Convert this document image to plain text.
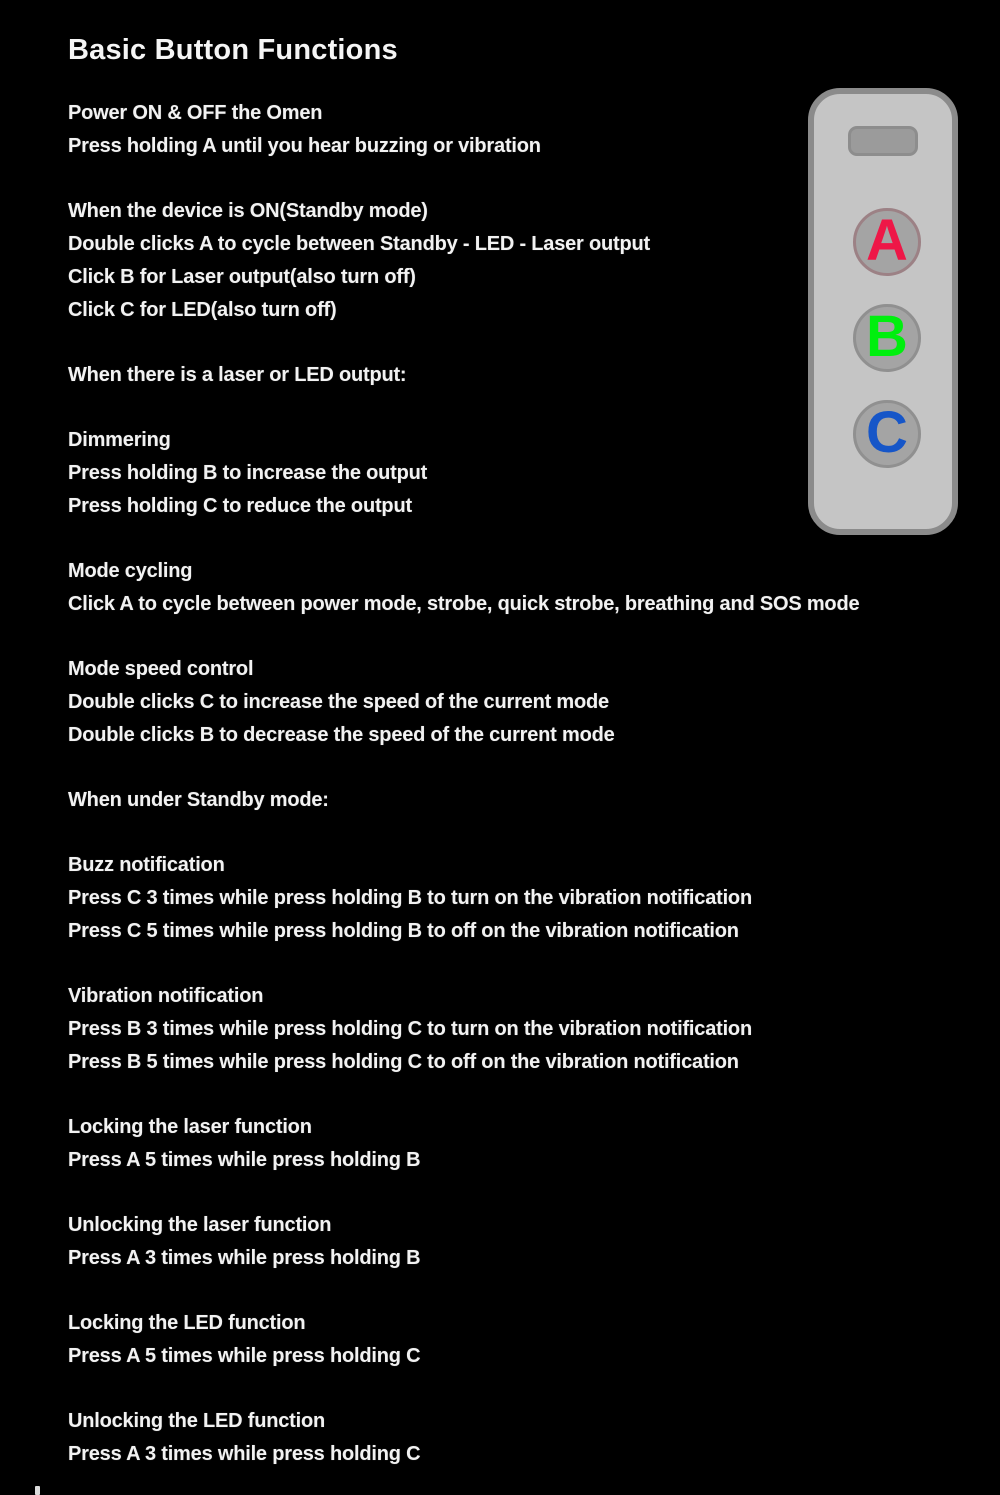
Basic Button Functions
Power ON & OFF the Omen
Press holding A until you hear buzzing or vibration
When the device is ON(Standby mode)
Double clicks A to cycle between Standby - LED - Laser output
Click B for Laser output(also turn off)
Click C for LED(also turn off)
When there is a laser or LED output:
Dimmering
Press holding B to increase the output
Press holding C to reduce the output
Mode cycling
Click A to cycle between power mode, strobe, quick strobe, breathing and SOS mode
Mode speed control
Double clicks C to increase the speed of the current mode
Double clicks B to decrease the speed of the current mode
When under Standby mode:
Buzz notification
Press C 3 times while press holding B to turn on the vibration notification
Press C 5 times while press holding B to off on the vibration notification
Vibration notification
Press B 3 times while press holding C to turn on the vibration notification
Press B 5 times while press holding C to off on the vibration notification
Locking the laser function
Press A 5 times while press holding B
Unlocking the laser function
Press A 3 times while press holding B
Locking the LED function
Press A 5 times while press holding C
Unlocking the LED function
Press A 3 times while press holding C
A
B
C
